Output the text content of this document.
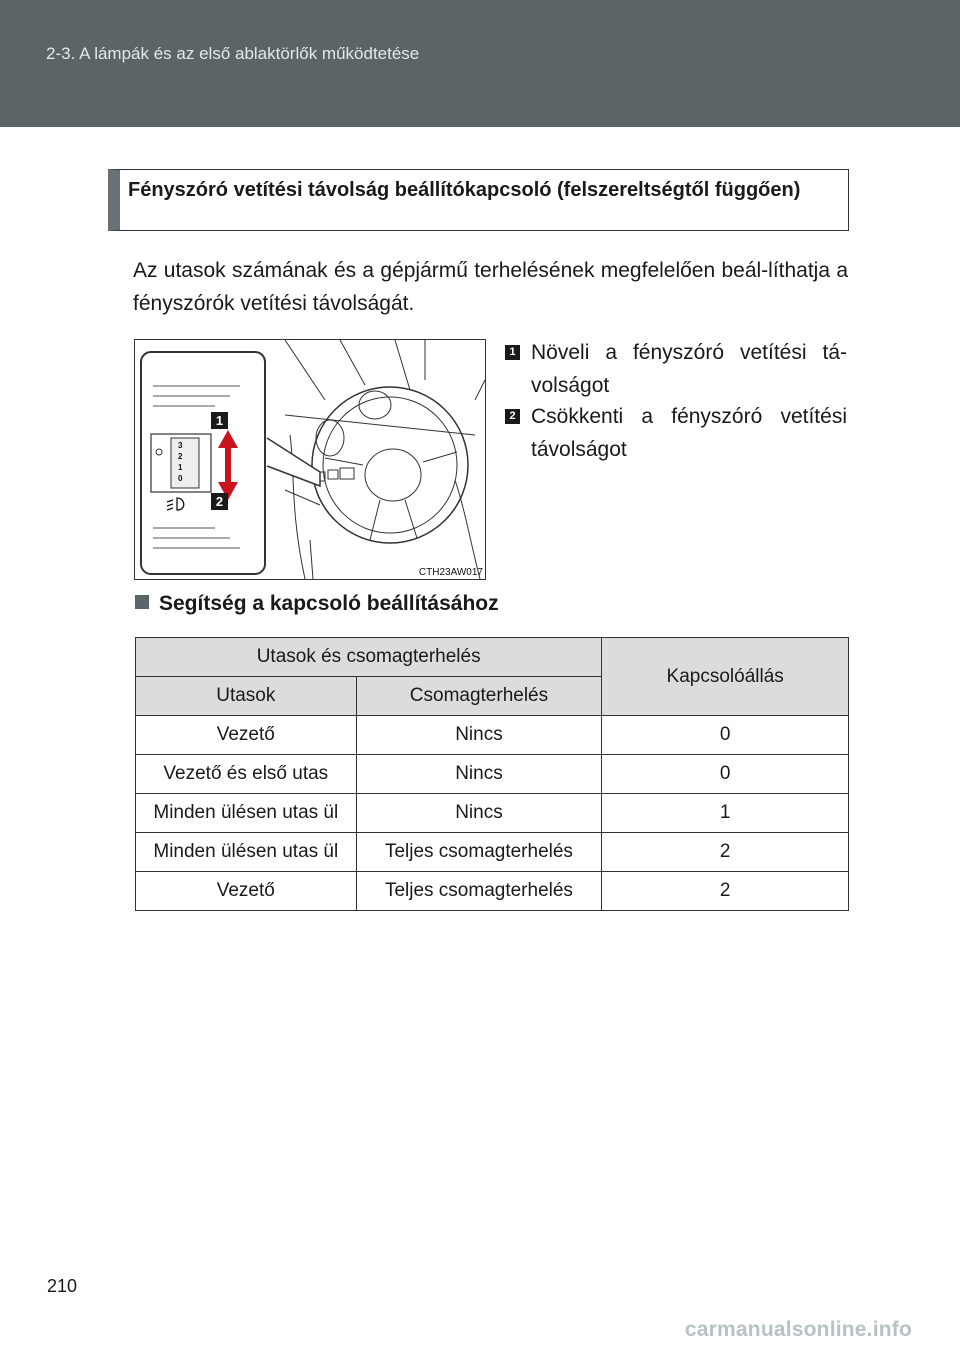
2-3. A lámpák és az első ablaktörlők működtetése
Fényszóró vetítési távolság beállítókapcsoló (felszereltségtől függően)
Az utasok számának és a gépjármű terhelésének megfelelően beál-líthatja a fényszórók vetítési távolságát.
3
2
1
0
1
2
CTH23AW017
1 Növeli a fényszóró vetítési tá-volságot
2 Csökkenti a fényszóró vetítési távolságot
Segítség a kapcsoló beállításához
Utasok és csomagterhelés		Kapcsolóállás
Utasok	Csomagterhelés	
Vezető	Nincs	0
Vezető és első utas	Nincs	0
Minden ülésen utas ül	Nincs	1
Minden ülésen utas ül	Teljes csomagterhelés	2
Vezető	Teljes csomagterhelés	2
210
carmanualsonline.info
